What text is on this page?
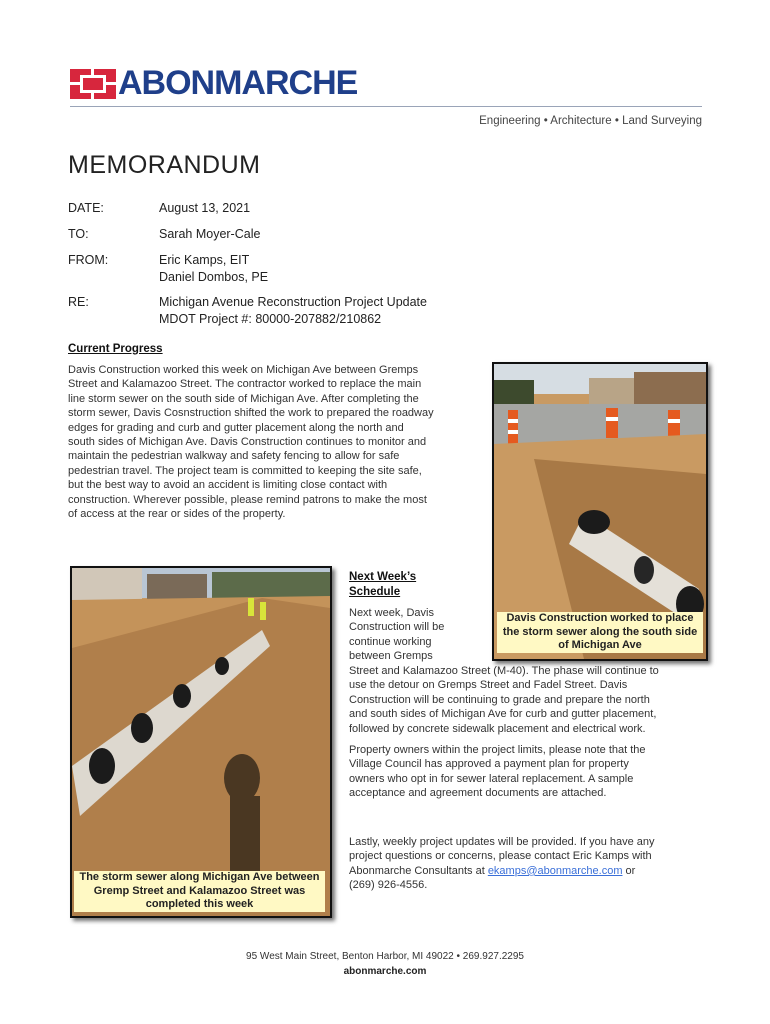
ABONMARCHE
Engineering • Architecture • Land Surveying
MEMORANDUM
DATE:	August 13, 2021
TO:	Sarah Moyer-Cale
FROM:	Eric Kamps, EIT
Daniel Dombos, PE
RE:	Michigan Avenue Reconstruction Project Update
MDOT Project #: 80000-207882/210862
Current Progress
Davis Construction worked this week on Michigan Ave between Gremps
Street and Kalamazoo Street. The contractor worked to replace the main
line storm sewer on the south side of Michigan Ave. After completing the
storm sewer, Davis Cosnstruction shifted the work to prepared the roadway
edges for grading and curb and gutter placement along the north and
south sides of Michigan Ave. Davis Construction continues to monitor and
maintain the pedestrian walkway and safety fencing to allow for safe
pedestrian travel. The project team is committed to keeping the site safe,
but the best way to avoid an accident is limiting close contact with
construction. Wherever possible, please remind patrons to make the most
of access at the rear or sides of the property.
Davis Construction worked to place
the storm sewer along the south side
of Michigan Ave
The storm sewer along Michigan Ave between
Gremp Street and Kalamazoo Street was
completed this week
Next Week’s
Schedule
Next week, Davis
Construction will be
continue working
between Gremps
Street and Kalamazoo Street (M-40). The phase will continue to
use the detour on Gremps Street and Fadel Street. Davis
Construction will be continuing to grade and prepare the north
and south sides of Michigan Ave for curb and gutter placement,
followed by concrete sidewalk placement and electrical work.
Property owners within the project limits, please note that the
Village Council has approved a payment plan for property
owners who opt in for sewer lateral replacement. A sample
acceptance and agreement documents are attached.
Lastly, weekly project updates will be provided. If you have any
project questions or concerns, please contact Eric Kamps with
Abonmarche Consultants at ekamps@abonmarche.com or
(269) 926-4556.
95 West Main Street, Benton Harbor, MI 49022 • 269.927.2295
abonmarche.com
